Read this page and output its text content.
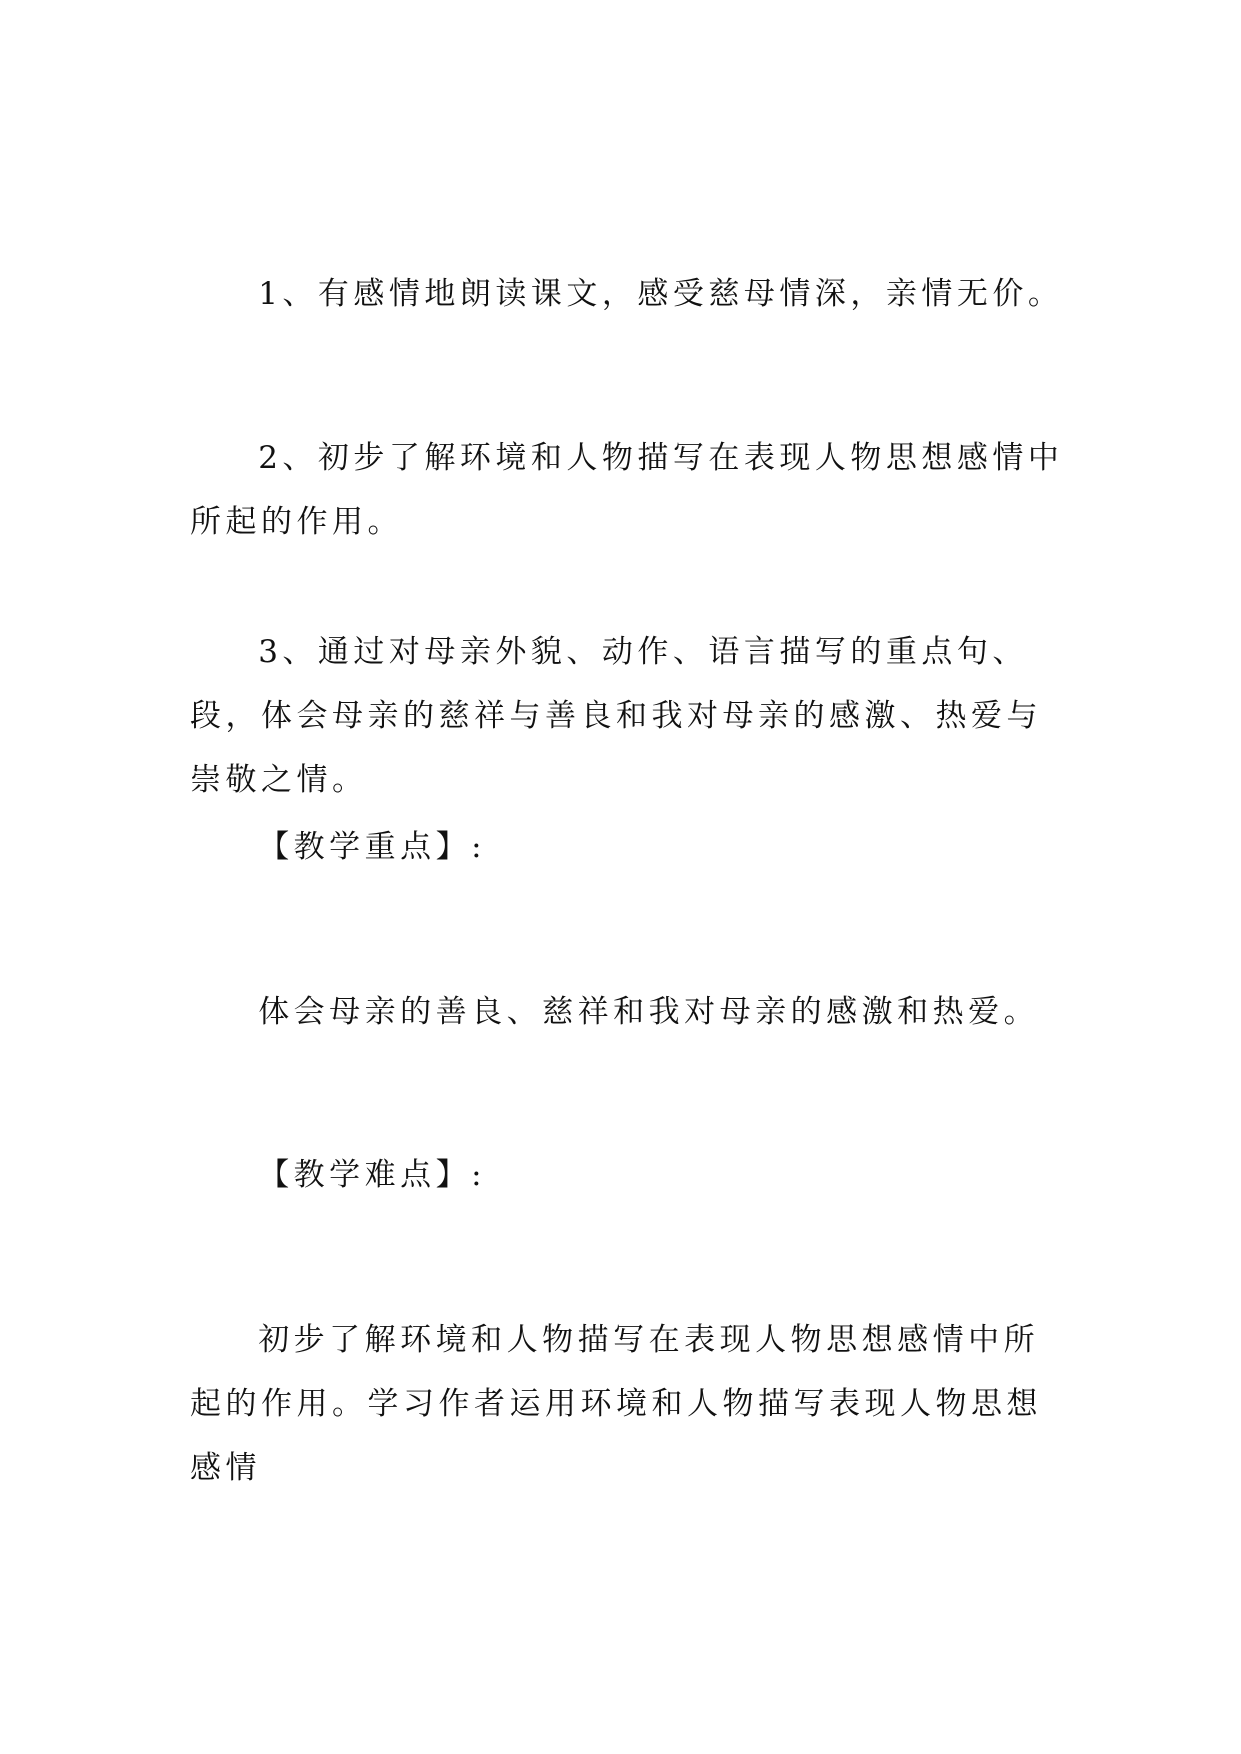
1、有感情地朗读课文，感受慈母情深，亲情无价。

2、初步了解环境和人物描写在表现人物思想感情中所起的作用。

3、通过对母亲外貌、动作、语言描写的重点句、段，体会母亲的慈祥与善良和我对母亲的感激、热爱与崇敬之情。

【教学重点】:

体会母亲的善良、慈祥和我对母亲的感激和热爱。

【教学难点】:

初步了解环境和人物描写在表现人物思想感情中所起的作用。学习作者运用环境和人物描写表现人物思想感情
